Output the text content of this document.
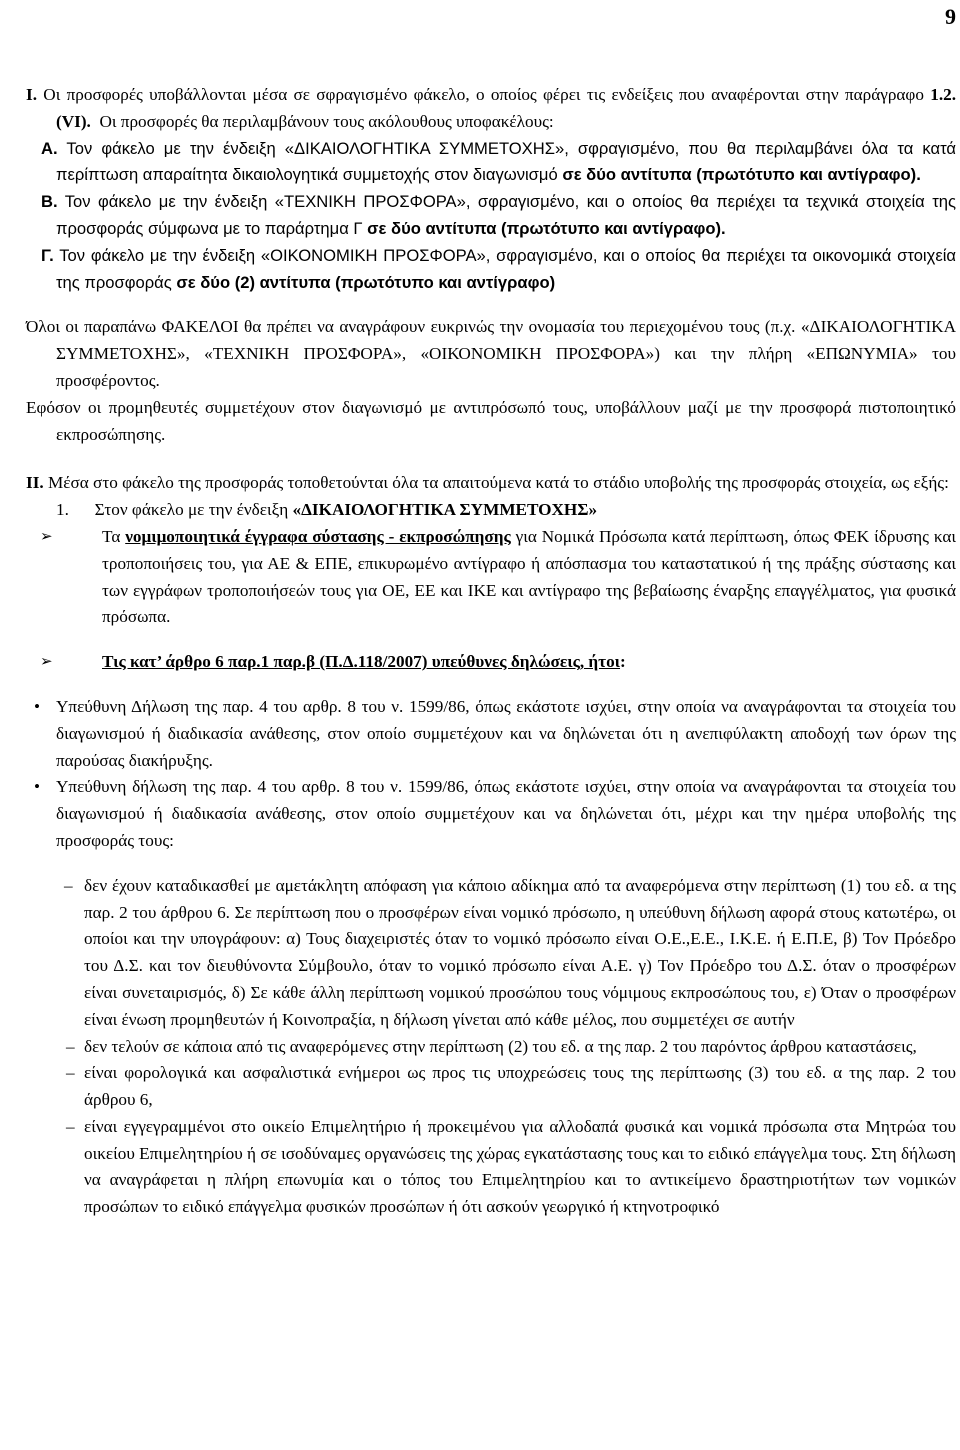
9

I. Οι προσφορές υποβάλλονται μέσα σε σφραγισμένο φάκελο, ο οποίος φέρει τις ενδείξεις που αναφέρονται στην παράγραφο 1.2.(VI). Οι προσφορές θα περιλαμβάνουν τους ακόλουθους υποφακέλους:

Α. Τον φάκελο με την ένδειξη «ΔΙΚΑΙΟΛΟΓΗΤΙΚΑ ΣΥΜΜΕΤΟΧΗΣ», σφραγισμένο, που θα περιλαμβάνει όλα τα κατά περίπτωση απαραίτητα δικαιολογητικά συμμετοχής στον διαγωνισμό σε δύο αντίτυπα (πρωτότυπο και αντίγραφο).

Β. Τον φάκελο με την ένδειξη «ΤΕΧΝΙΚΗ ΠΡΟΣΦΟΡΑ», σφραγισμένο, και ο οποίος θα περιέχει τα τεχνικά στοιχεία της προσφοράς σύμφωνα με το παράρτημα Γ σε δύο αντίτυπα (πρωτότυπο και αντίγραφο).

Γ. Τον φάκελο με την ένδειξη «ΟΙΚΟΝΟΜΙΚΗ ΠΡΟΣΦΟΡΑ», σφραγισμένο, και ο οποίος θα περιέχει τα οικονομικά στοιχεία της προσφοράς σε δύο (2) αντίτυπα (πρωτότυπο και αντίγραφο)

Όλοι οι παραπάνω ΦΑΚΕΛΟΙ θα πρέπει να αναγράφουν ευκρινώς την ονομασία του περιεχομένου τους (π.χ. «ΔΙΚΑΙΟΛΟΓΗΤΙΚΑ ΣΥΜΜΕΤΟΧΗΣ», «ΤΕΧΝΙΚΗ ΠΡΟΣΦΟΡΑ», «ΟΙΚΟΝΟΜΙΚΗ ΠΡΟΣΦΟΡΑ») και την πλήρη «ΕΠΩΝΥΜΙΑ» του προσφέροντος.

Εφόσον οι προμηθευτές συμμετέχουν στον διαγωνισμό με αντιπρόσωπό τους, υποβάλλουν μαζί με την προσφορά πιστοποιητικό εκπροσώπησης.

ΙΙ. Μέσα στο φάκελο της προσφοράς τοποθετούνται όλα τα απαιτούμενα κατά το στάδιο υποβολής της προσφοράς στοιχεία, ως εξής:

1. Στον φάκελο με την ένδειξη «ΔΙΚΑΙΟΛΟΓΗΤΙΚΑ ΣΥΜΜΕΤΟΧΗΣ»

➢	Τα νομιμοποιητικά έγγραφα σύστασης - εκπροσώπησης για Νομικά Πρόσωπα κατά περίπτωση, όπως ΦΕΚ ίδρυσης και τροποποιήσεις του, για ΑΕ & ΕΠΕ, επικυρωμένο αντίγραφο ή απόσπασμα του καταστατικού ή της πράξης σύστασης και των εγγράφων τροποποιήσεών τους για ΟΕ, ΕΕ και ΙΚΕ και αντίγραφο της βεβαίωσης έναρξης επαγγέλματος, για φυσικά πρόσωπα.

➢	Τις κατ’ άρθρο 6 παρ.1 παρ.β (Π.Δ.118/2007) υπεύθυνες δηλώσεις, ήτοι:

• Υπεύθυνη Δήλωση της παρ. 4 του αρθρ. 8 του ν. 1599/86, όπως εκάστοτε ισχύει, στην οποία να αναγράφονται τα στοιχεία του διαγωνισμού ή διαδικασία ανάθεσης, στον οποίο συμμετέχουν και να δηλώνεται ότι η ανεπιφύλακτη αποδοχή των όρων της παρούσας διακήρυξης.

• Υπεύθυνη δήλωση της παρ. 4 του αρθρ. 8 του ν. 1599/86, όπως εκάστοτε ισχύει, στην οποία να αναγράφονται τα στοιχεία του διαγωνισμού ή διαδικασία ανάθεσης, στον οποίο συμμετέχουν και να δηλώνεται ότι, μέχρι και την ημέρα υποβολής της προσφοράς τους:

– δεν έχουν καταδικασθεί με αμετάκλητη απόφαση για κάποιο αδίκημα από τα αναφερόμενα στην περίπτωση (1) του εδ. α της παρ. 2 του άρθρου 6. Σε περίπτωση που ο προσφέρων είναι νομικό πρόσωπο, η υπεύθυνη δήλωση αφορά στους κατωτέρω, οι οποίοι και την υπογράφουν: α) Τους διαχειριστές όταν το νομικό πρόσωπο είναι Ο.Ε.,Ε.Ε., Ι.Κ.Ε. ή Ε.Π.Ε, β) Τον Πρόεδρο του Δ.Σ. και τον διευθύνοντα Σύμβουλο, όταν το νομικό πρόσωπο είναι Α.Ε. γ) Τον Πρόεδρο του Δ.Σ. όταν ο προσφέρων είναι συνεταιρισμός, δ) Σε κάθε άλλη περίπτωση νομικού προσώπου τους νόμιμους εκπροσώπους του, ε) Όταν ο προσφέρων είναι ένωση προμηθευτών ή Κοινοπραξία, η δήλωση γίνεται από κάθε μέλος, που συμμετέχει σε αυτήν

– δεν τελούν σε κάποια από τις αναφερόμενες στην περίπτωση (2) του εδ. α της παρ. 2 του παρόντος άρθρου καταστάσεις,

– είναι φορολογικά και ασφαλιστικά ενήμεροι ως προς τις υποχρεώσεις τους της περίπτωσης (3) του εδ. α της παρ. 2 του άρθρου 6,

– είναι εγγεγραμμένοι στο οικείο Επιμελητήριο ή προκειμένου για αλλοδαπά φυσικά και νομικά πρόσωπα στα Μητρώα του οικείου Επιμελητηρίου ή σε ισοδύναμες οργανώσεις της χώρας εγκατάστασης τους και το ειδικό επάγγελμα τους. Στη δήλωση να αναγράφεται η πλήρη επωνυμία και ο τόπος του Επιμελητηρίου και το αντικείμενο δραστηριοτήτων των νομικών προσώπων το ειδικό επάγγελμα φυσικών προσώπων ή ότι ασκούν γεωργικό ή κτηνοτροφικό
